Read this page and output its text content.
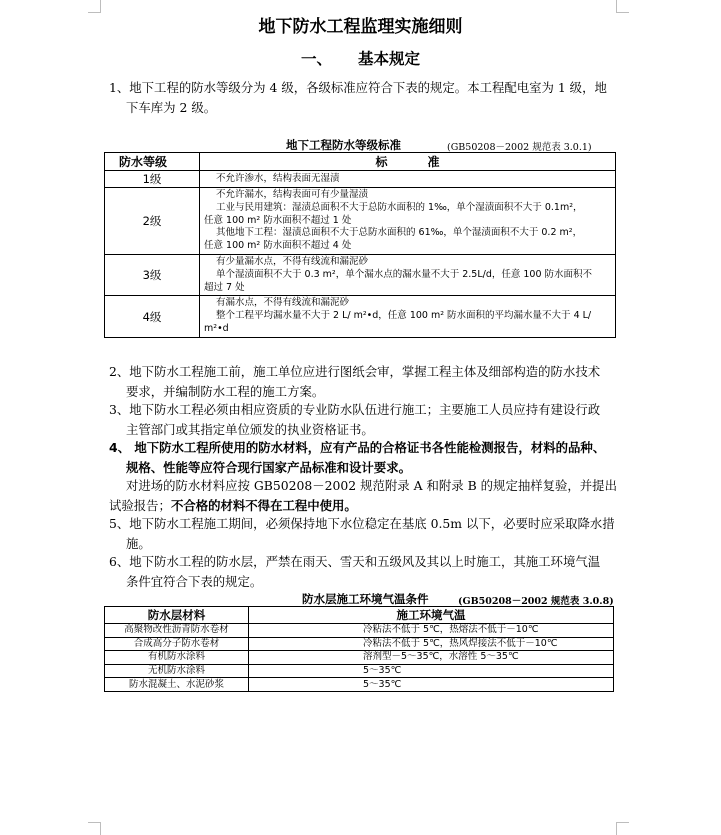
地下防水工程监理实施细则
一、 基本规定
1、地下工程的防水等级分为 4 级，各级标准应符合下表的规定。本工程配电室为 1 级，地
下车库为 2 级。
地下工程防水等级标准	(GB50208－2002 规范表 3.0.1)
防水等级	标准
1级	不允许渗水，结构表面无湿渍

2级	不允许漏水，结构表面可有少量湿渍
工业与民用建筑：湿渍总面积不大于总防水面积的 1‰，单个湿渍面积不大于 0.1m²，
任意 100 m² 防水面积不超过 1 处
其他地下工程：湿渍总面积不大于总防水面积的 61‰，单个湿渍面积不大于 0.2 m²，
任意 100 m² 防水面积不超过 4 处

3级	有少量漏水点，不得有线流和漏泥砂
单个湿渍面积不大于 0.3 m²，单个漏水点的漏水量不大于 2.5L/d，任意 100 防水面积不
超过 7 处

4级	有漏水点，不得有线流和漏泥砂
整个工程平均漏水量不大于 2 L/ m²•d，任意 100 m² 防水面积的平均漏水量不大于 4 L/
m²•d
2、地下防水工程施工前，施工单位应进行图纸会审，掌握工程主体及细部构造的防水技术
要求，并编制防水工程的施工方案。
3、地下防水工程必须由相应资质的专业防水队伍进行施工；主要施工人员应持有建设行政
主管部门或其指定单位颁发的执业资格证书。
4、 地下防水工程所使用的防水材料，应有产品的合格证书各性能检测报告，材料的品种、
规格、性能等应符合现行国家产品标准和设计要求。
对进场的防水材料应按 GB50208－2002 规范附录 A 和附录 B 的规定抽样复验，并提出
试验报告；不合格的材料不得在工程中使用。
5、地下防水工程施工期间，必须保持地下水位稳定在基底 0.5m 以下，必要时应采取降水措
施。
6、地下防水工程的防水层，严禁在雨天、雪天和五级风及其以上时施工，其施工环境气温
条件宜符合下表的规定。
防水层施工环境气温条件	(GB50208－2002 规范表 3.0.8)
防水层材料	施工环境气温
高聚物改性沥青防水卷材	冷粘法不低于 5℃，热熔法不低于－10℃
合成高分子防水卷材	冷粘法不低于 5℃，热风焊接法不低于－10℃
有机防水涂料	溶剂型－5～35℃，水溶性 5～35℃
无机防水涂料	5～35℃
防水混凝土、水泥砂浆	5～35℃
